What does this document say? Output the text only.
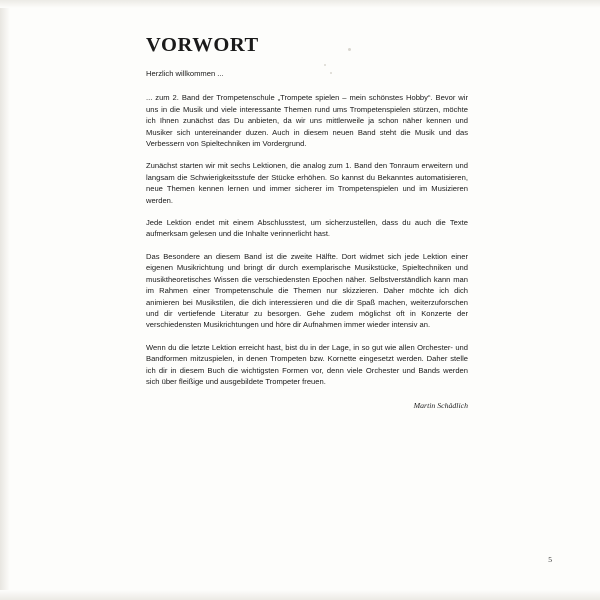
VORWORT

Herzlich willkommen ...

... zum 2. Band der Trompetenschule „Trompete spielen – mein schönstes Hobby“. Bevor wir uns in die Musik und viele interessante Themen rund ums Trompetenspielen stürzen, möchte ich Ihnen zunächst das Du anbieten, da wir uns mittlerweile ja schon näher kennen und Musiker sich untereinander duzen. Auch in diesem neuen Band steht die Musik und das Verbessern von Spieltechniken im Vordergrund.

Zunächst starten wir mit sechs Lektionen, die analog zum 1. Band den Tonraum erweitern und langsam die Schwierigkeitsstufe der Stücke erhöhen. So kannst du Bekanntes automatisieren, neue Themen kennen lernen und immer sicherer im Trompetenspielen und im Musizieren werden.

Jede Lektion endet mit einem Abschlusstest, um sicherzustellen, dass du auch die Texte aufmerksam gelesen und die Inhalte verinnerlicht hast.

Das Besondere an diesem Band ist die zweite Hälfte. Dort widmet sich jede Lektion einer eigenen Musikrichtung und bringt dir durch exemplarische Musikstücke, Spieltechniken und musiktheoretisches Wissen die verschiedensten Epochen näher. Selbstverständlich kann man im Rahmen einer Trompetenschule die Themen nur skizzieren. Daher möchte ich dich animieren bei Musikstilen, die dich interessieren und die dir Spaß machen, weiterzuforschen und dir vertiefende Literatur zu besorgen. Gehe zudem möglichst oft in Konzerte der verschiedensten Musikrichtungen und höre dir Aufnahmen immer wieder intensiv an.

Wenn du die letzte Lektion erreicht hast, bist du in der Lage, in so gut wie allen Orchester- und Bandformen mitzuspielen, in denen Trompeten bzw. Kornette eingesetzt werden. Daher stelle ich dir in diesem Buch die wichtigsten Formen vor, denn viele Orchester und Bands werden sich über fleißige und ausgebildete Trompeter freuen.

Martin Schädlich
5
